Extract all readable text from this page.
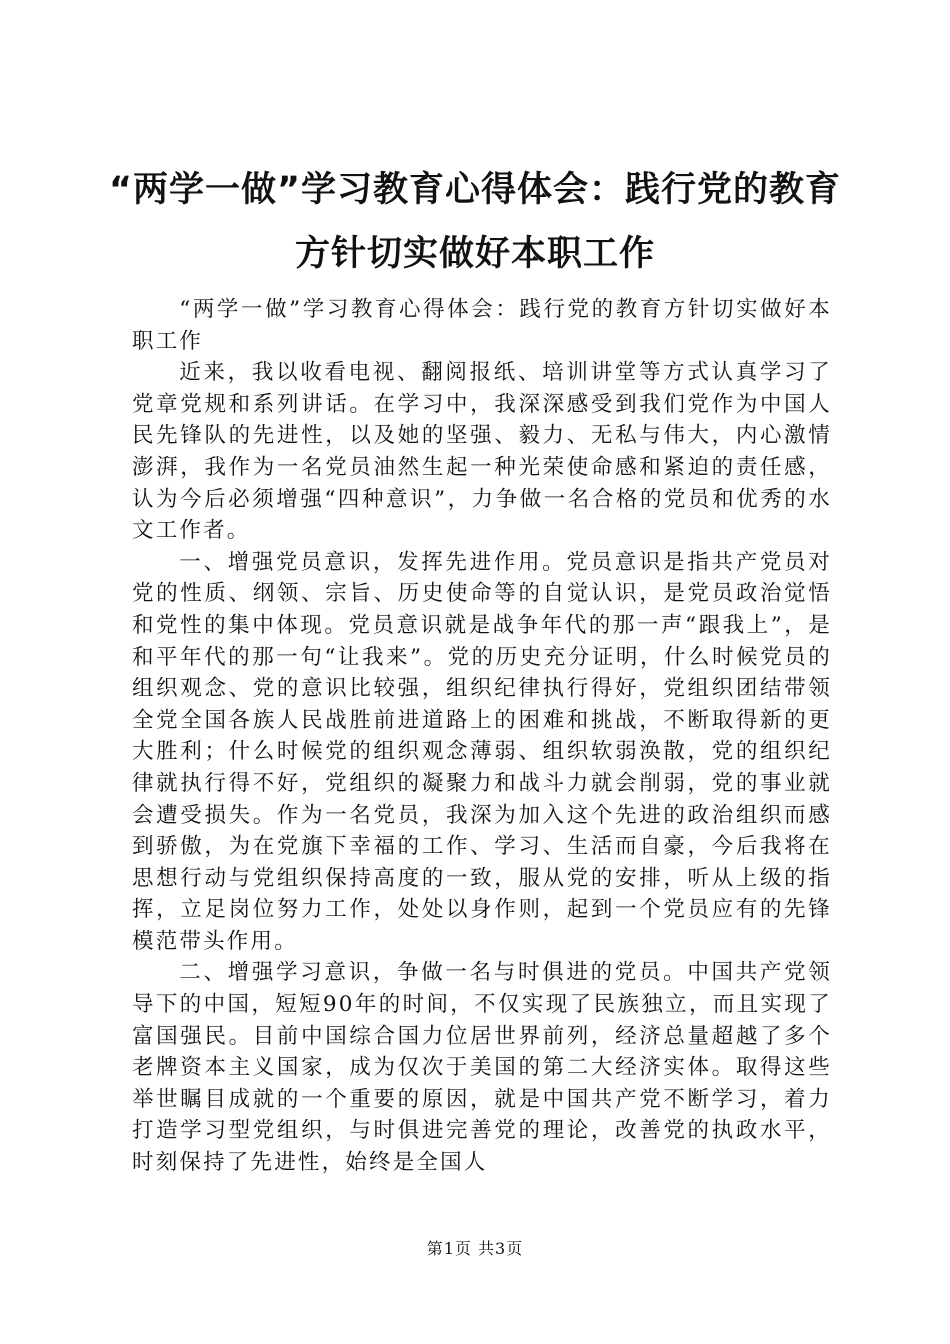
“两学一做”学习教育心得体会：践行党的教育方针切实做好本职工作

“两学一做”学习教育心得体会：践行党的教育方针切实做好本职工作

近来，我以收看电视、翻阅报纸、培训讲堂等方式认真学习了党章党规和系列讲话。在学习中，我深深感受到我们党作为中国人民先锋队的先进性，以及她的坚强、毅力、无私与伟大，内心激情澎湃，我作为一名党员油然生起一种光荣使命感和紧迫的责任感，认为今后必须增强“四种意识”，力争做一名合格的党员和优秀的水文工作者。

一、增强党员意识，发挥先进作用。党员意识是指共产党员对党的性质、纲领、宗旨、历史使命等的自觉认识，是党员政治觉悟和党性的集中体现。党员意识就是战争年代的那一声“跟我上”，是和平年代的那一句“让我来”。党的历史充分证明，什么时候党员的组织观念、党的意识比较强，组织纪律执行得好，党组织团结带领全党全国各族人民战胜前进道路上的困难和挑战，不断取得新的更大胜利；什么时候党的组织观念薄弱、组织软弱涣散，党的组织纪律就执行得不好，党组织的凝聚力和战斗力就会削弱，党的事业就会遭受损失。作为一名党员，我深为加入这个先进的政治组织而感到骄傲，为在党旗下幸福的工作、学习、生活而自豪，今后我将在思想行动与党组织保持高度的一致，服从党的安排，听从上级的指挥，立足岗位努力工作，处处以身作则，起到一个党员应有的先锋模范带头作用。

二、增强学习意识，争做一名与时俱进的党员。中国共产党领导下的中国，短短90年的时间，不仅实现了民族独立，而且实现了富国强民。目前中国综合国力位居世界前列，经济总量超越了多个老牌资本主义国家，成为仅次于美国的第二大经济实体。取得这些举世瞩目成就的一个重要的原因，就是中国共产党不断学习，着力打造学习型党组织，与时俱进完善党的理论，改善党的执政水平，时刻保持了先进性，始终是全国人

第1页 共3页
